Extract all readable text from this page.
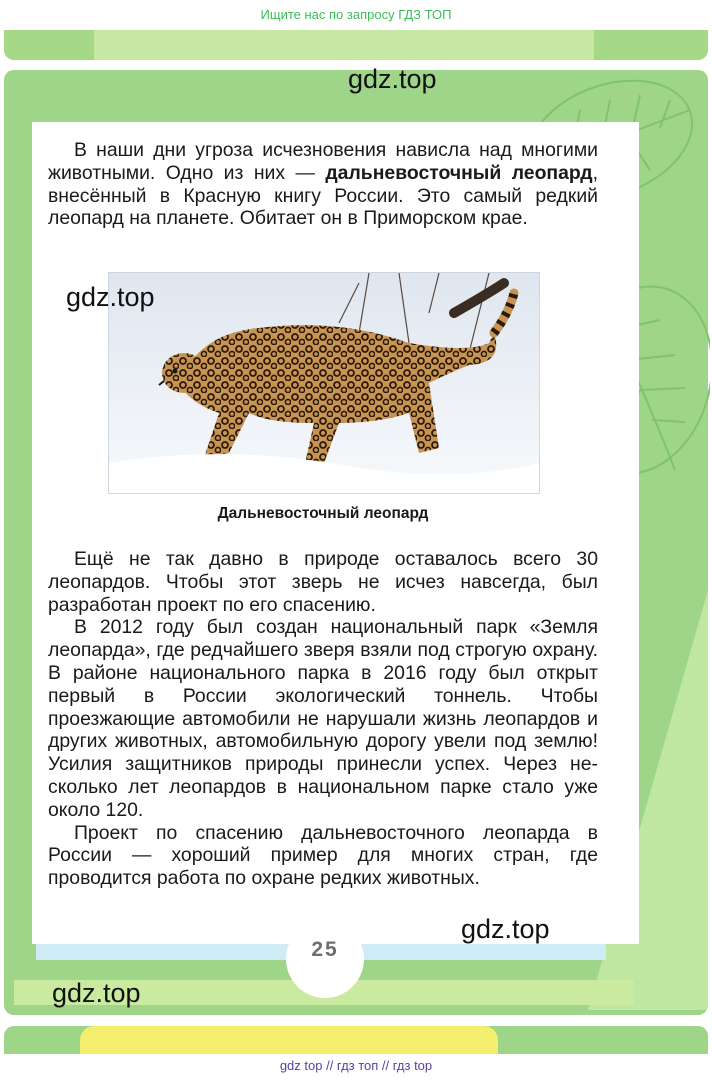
Ищите нас по запросу ГДЗ ТОП

В наши дни угроза исчезновения нависла над многими животными. Одно из них — дальневосточный леопард, внесённый в Красную книгу России. Это самый редкий леопард на планете. Обитает он в Приморском крае.

Дальневосточный леопард

Ещё не так давно в природе оставалось всего 30 леопардов. Чтобы этот зверь не исчез навсегда, был разработан проект по его спасению.

В 2012 году был создан национальный парк «Земля леопарда», где редчайшего зверя взяли под строгую охрану. В районе национального парка в 2016 году был открыт первый в России экологический тоннель. Чтобы проезжающие автомобили не нарушали жизнь леопардов и других животных, автомобильную дорогу увели под землю! Усилия защитников природы принесли успех. Через несколько лет леопардов в национальном парке стало уже около 120.

Проект по спасению дальневосточного леопарда в России — хороший пример для многих стран, где проводится работа по охране редких животных.

25
gdz.top
gdz.top
gdz.top
gdz.top
gdz top // гдз топ // гдз top
